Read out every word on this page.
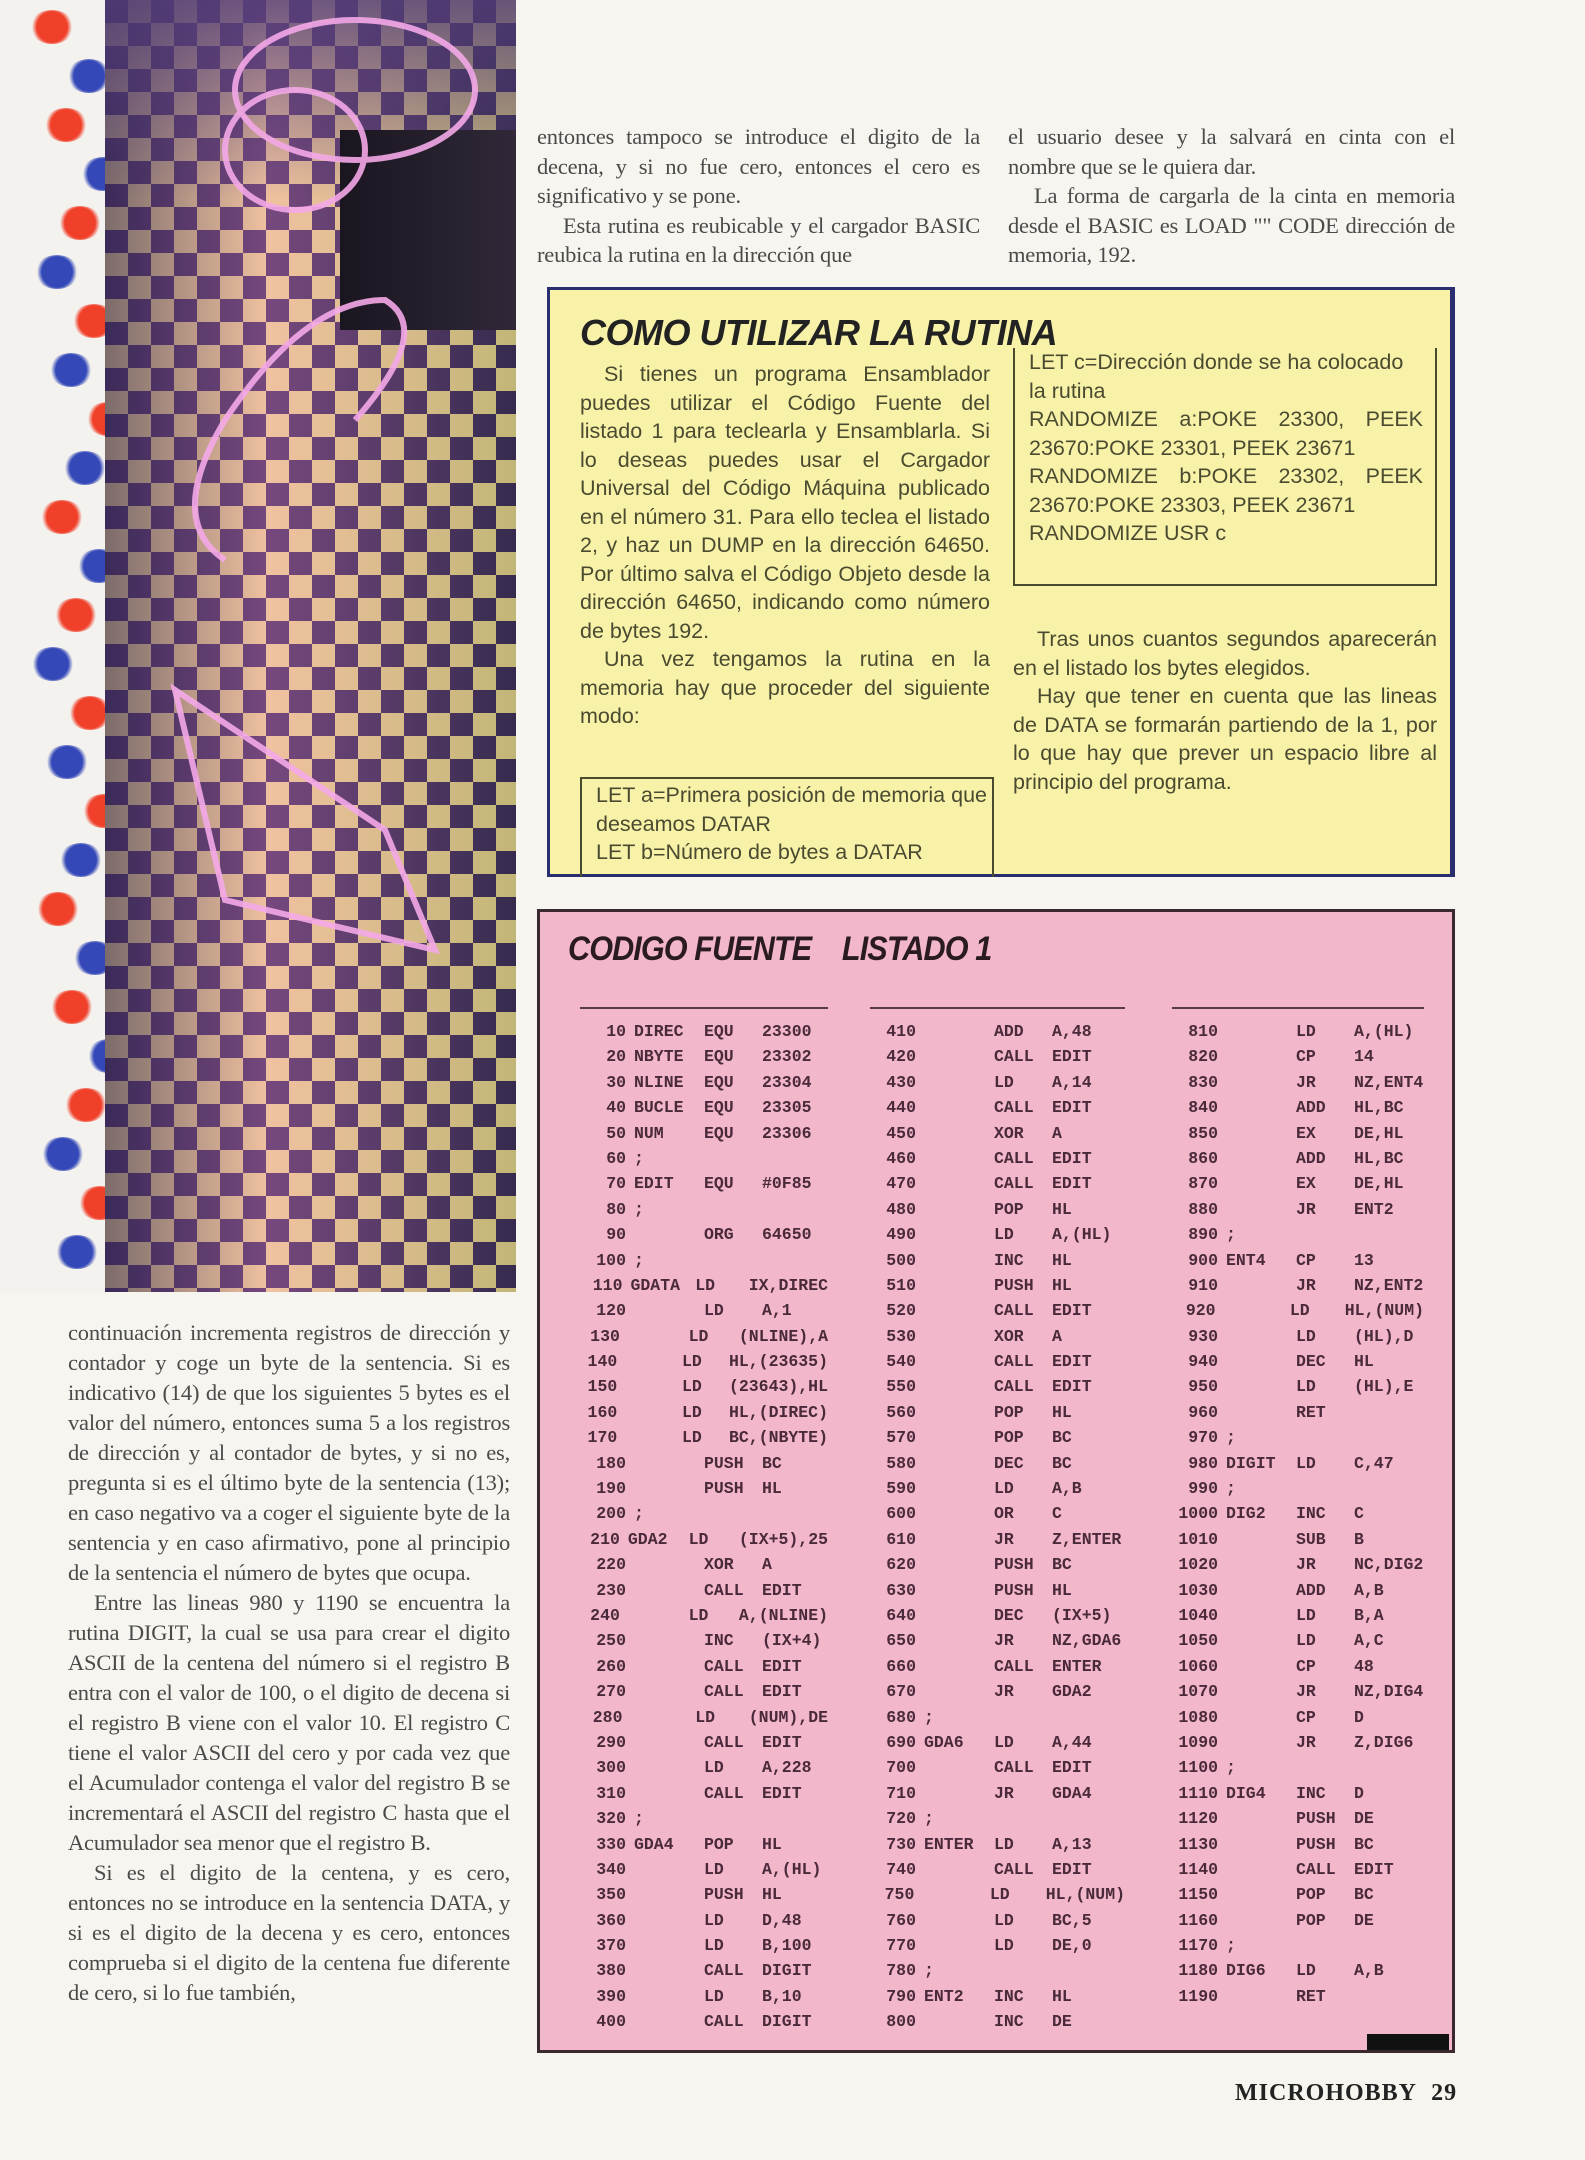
entonces tampoco se introduce el digito de la decena, y si no fue cero, entonces el cero es significativo y se pone.

Esta rutina es reubicable y el cargador BASIC reubica la rutina en la dirección que

el usuario desee y la salvará en cinta con el nombre que se le quiera dar.

La forma de cargarla de la cinta en memoria desde el BASIC es LOAD "" CODE dirección de memoria, 192.

COMO UTILIZAR LA RUTINA

Si tienes un programa Ensamblador puedes utilizar el Código Fuente del listado 1 para teclearla y Ensamblarla. Si lo deseas puedes usar el Cargador Universal del Código Máquina publicado en el número 31. Para ello teclea el listado 2, y haz un DUMP en la dirección 64650. Por último salva el Código Objeto desde la dirección 64650, indicando como número de bytes 192.

Una vez tengamos la rutina en la memoria hay que proceder del siguiente modo:

LET a=Primera posición de memoria que deseamos DATAR
LET b=Número de bytes a DATAR
LET c=Dirección donde se ha colocado la rutina
RANDOMIZE a:POKE 23300, PEEK 23670:POKE 23301, PEEK 23671
RANDOMIZE b:POKE 23302, PEEK 23670:POKE 23303, PEEK 23671
RANDOMIZE USR c

Tras unos cuantos segundos aparecerán en el listado los bytes elegidos.

Hay que tener en cuenta que las lineas de DATA se formarán partiendo de la 1, por lo que hay que prever un espacio libre al principio del programa.

CODIGO FUENTE LISTADO 1
10 DIREC	EQU	23300
20 NBYTE	EQU	23302
30 NLINE	EQU	23304
40 BUCLE	EQU	23305
50 NUM	EQU	23306
60 ;
70 EDIT	EQU	#0F85
80 ;
90	ORG	64650
100 ;
110 GDATA LD	IX,DIREC
120	LD	A,1
130	LD	(NLINE),A
140	LD	HL,(23635)
150	LD	(23643),HL
160	LD	HL,(DIREC)
170	LD	BC,(NBYTE)
180	PUSH	BC
190	PUSH	HL
200 ;
210 GDA2	LD	(IX+5),25
220	XOR	A
230	CALL	EDIT
240	LD	A,(NLINE)
250	INC	(IX+4)
260	CALL	EDIT
270	CALL	EDIT
280	LD	(NUM),DE
290	CALL	EDIT
300	LD	A,228
310	CALL	EDIT
320 ;
330 GDA4	POP	HL
340	LD	A,(HL)
350	PUSH	HL
360	LD	D,48
370	LD	B,100
380	CALL	DIGIT
390	LD	B,10
400	CALL	DIGIT
410	ADD	A,48
420	CALL	EDIT
430	LD	A,14
440	CALL	EDIT
450	XOR	A
460	CALL	EDIT
470	CALL	EDIT
480	POP	HL
490	LD	A,(HL)
500	INC	HL
510	PUSH	HL
520	CALL	EDIT
530	XOR	A
540	CALL	EDIT
550	CALL	EDIT
560	POP	HL
570	POP	BC
580	DEC	BC
590	LD	A,B
600	OR	C
610	JR	Z,ENTER
620	PUSH	BC
630	PUSH	HL
640	DEC	(IX+5)
650	JR	NZ,GDA6
660	CALL	ENTER
670	JR	GDA2
680 ;
690 GDA6	LD	A,44
700	CALL	EDIT
710	JR	GDA4
720 ;
730 ENTER	LD	A,13
740	CALL	EDIT
750	LD	HL,(NUM)
760	LD	BC,5
770	LD	DE,0
780 ;
790 ENT2	INC	HL
800	INC	DE
810	LD	A,(HL)
820	CP	14
830	JR	NZ,ENT4
840	ADD	HL,BC
850	EX	DE,HL
860	ADD	HL,BC
870	EX	DE,HL
880	JR	ENT2
890 ;
900 ENT4	CP	13
910	JR	NZ,ENT2
920	LD	HL,(NUM)
930	LD	(HL),D
940	DEC	HL
950	LD	(HL),E
960	RET
970 ;
980 DIGIT	LD	C,47
990 ;
1000 DIG2	INC	C
1010	SUB	B
1020	JR	NC,DIG2
1030	ADD	A,B
1040	LD	B,A
1050	LD	A,C
1060	CP	48
1070	JR	NZ,DIG4
1080	CP	D
1090	JR	Z,DIG6
1100 ;
1110 DIG4	INC	D
1120	PUSH	DE
1130	PUSH	BC
1140	CALL	EDIT
1150	POP	BC
1160	POP	DE
1170 ;
1180 DIG6	LD	A,B
1190	RET

continuación incrementa registros de dirección y contador y coge un byte de la sentencia. Si es indicativo (14) de que los siguientes 5 bytes es el valor del número, entonces suma 5 a los registros de dirección y al contador de bytes, y si no es, pregunta si es el último byte de la sentencia (13); en caso negativo va a coger el siguiente byte de la sentencia y en caso afirmativo, pone al principio de la sentencia el número de bytes que ocupa.

Entre las lineas 980 y 1190 se encuentra la rutina DIGIT, la cual se usa para crear el digito ASCII de la centena del número si el registro B entra con el valor de 100, o el digito de decena si el registro B viene con el valor 10. El registro C tiene el valor ASCII del cero y por cada vez que el Acumulador contenga el valor del registro B se incrementará el ASCII del registro C hasta que el Acumulador sea menor que el registro B.

Si es el digito de la centena, y es cero, entonces no se introduce en la sentencia DATA, y si es el digito de la decena y es cero, entonces comprueba si el digito de la centena fue diferente de cero, si lo fue también,

MICROHOBBY 29
